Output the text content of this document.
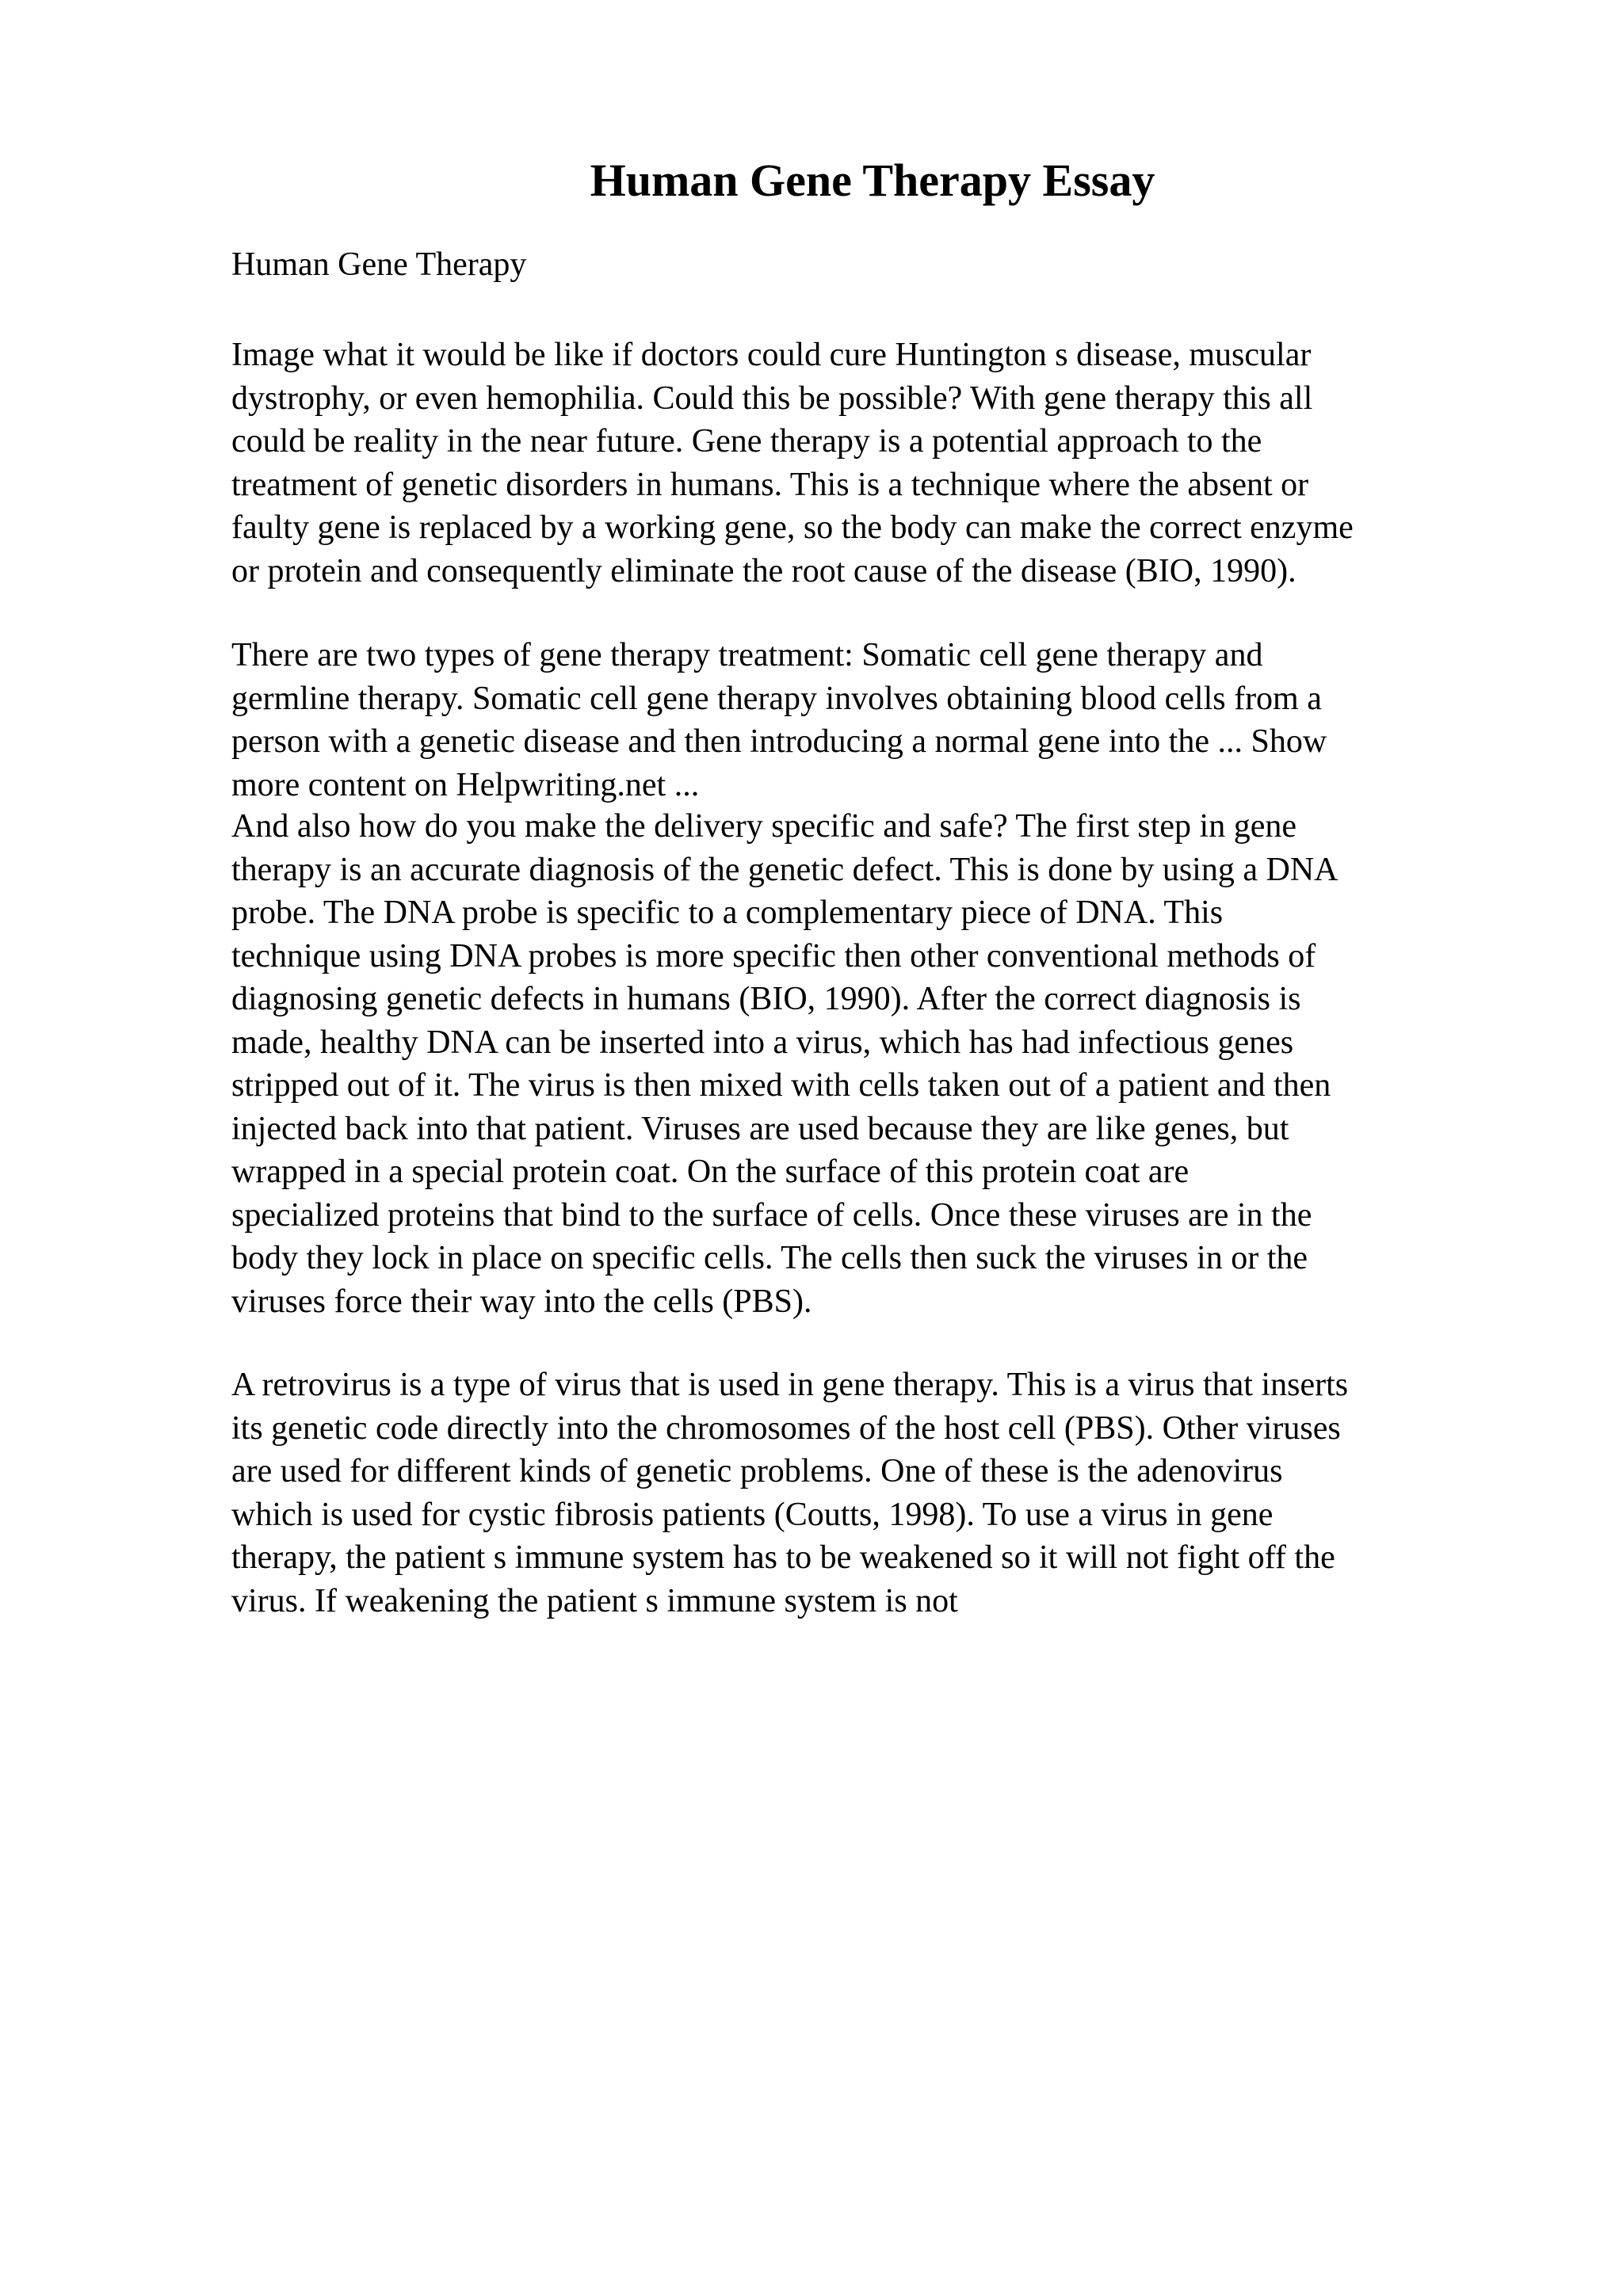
Human Gene Therapy Essay

Human Gene Therapy

Image what it would be like if doctors could cure Huntington s disease, muscular
dystrophy, or even hemophilia. Could this be possible? With gene therapy this all
could be reality in the near future. Gene therapy is a potential approach to the
treatment of genetic disorders in humans. This is a technique where the absent or
faulty gene is replaced by a working gene, so the body can make the correct enzyme
or protein and consequently eliminate the root cause of the disease (BIO, 1990).

There are two types of gene therapy treatment: Somatic cell gene therapy and
germline therapy. Somatic cell gene therapy involves obtaining blood cells from a
person with a genetic disease and then introducing a normal gene into the ... Show
more content on Helpwriting.net ...

And also how do you make the delivery specific and safe? The first step in gene
therapy is an accurate diagnosis of the genetic defect. This is done by using a DNA
probe. The DNA probe is specific to a complementary piece of DNA. This
technique using DNA probes is more specific then other conventional methods of
diagnosing genetic defects in humans (BIO, 1990). After the correct diagnosis is
made, healthy DNA can be inserted into a virus, which has had infectious genes
stripped out of it. The virus is then mixed with cells taken out of a patient and then
injected back into that patient. Viruses are used because they are like genes, but
wrapped in a special protein coat. On the surface of this protein coat are
specialized proteins that bind to the surface of cells. Once these viruses are in the
body they lock in place on specific cells. The cells then suck the viruses in or the
viruses force their way into the cells (PBS).

A retrovirus is a type of virus that is used in gene therapy. This is a virus that inserts
its genetic code directly into the chromosomes of the host cell (PBS). Other viruses
are used for different kinds of genetic problems. One of these is the adenovirus
which is used for cystic fibrosis patients (Coutts, 1998). To use a virus in gene
therapy, the patient s immune system has to be weakened so it will not fight off the
virus. If weakening the patient s immune system is not
